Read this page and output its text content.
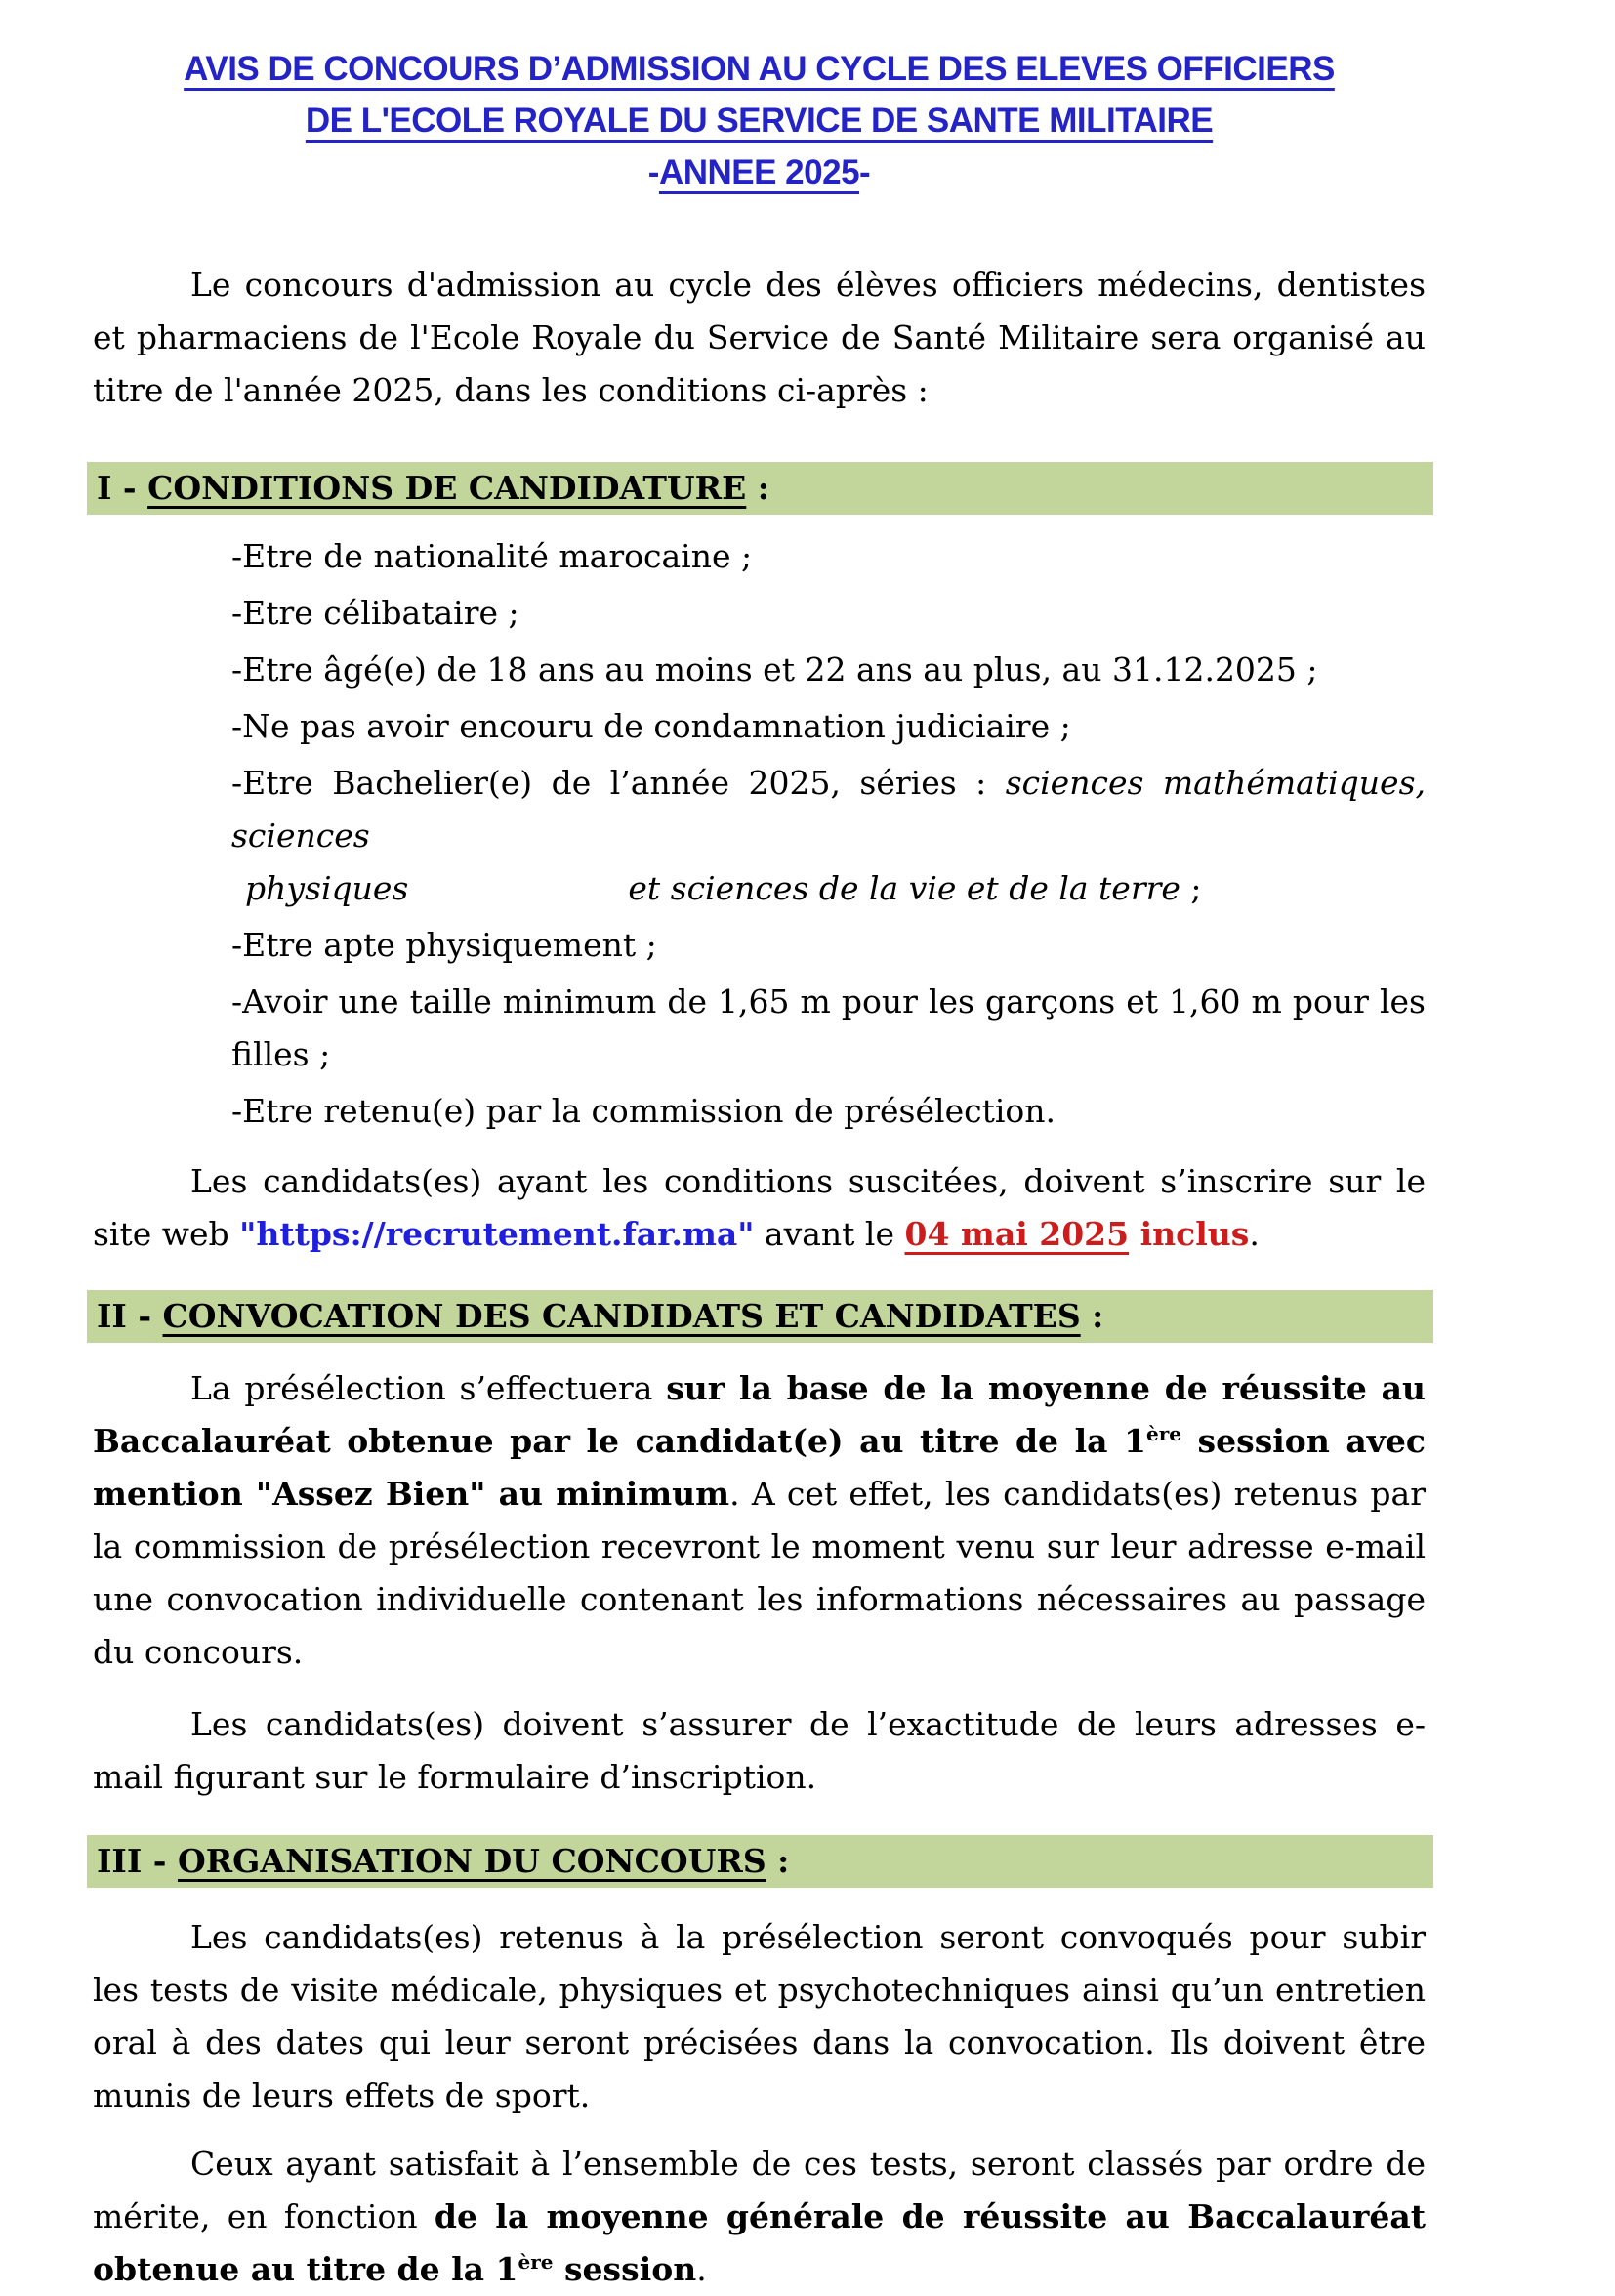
AVIS DE CONCOURS D’ADMISSION AU CYCLE DES ELEVES OFFICIERS
DE L'ECOLE ROYALE DU SERVICE DE SANTE MILITAIRE
-ANNEE 2025-

Le concours d'admission au cycle des élèves officiers médecins, dentistes et pharmaciens de l'Ecole Royale du Service de Santé Militaire sera organisé au titre de l'année 2025, dans les conditions ci-après :

I - CONDITIONS DE CANDIDATURE :
-Etre de nationalité marocaine ;
-Etre célibataire ;
-Etre âgé(e) de 18 ans au moins et 22 ans au plus, au 31.12.2025 ;
-Ne pas avoir encouru de condamnation judiciaire ;
-Etre Bachelier(e) de l’année 2025, séries : sciences mathématiques, sciences
physiques	et sciences de la vie et de la terre ;
-Etre apte physiquement ;
-Avoir une taille minimum de 1,65 m pour les garçons et 1,60 m pour les filles ;
-Etre retenu(e) par la commission de présélection.

Les candidats(es) ayant les conditions suscitées, doivent s’inscrire sur le site web "https://recrutement.far.ma" avant le 04 mai 2025 inclus.

II - CONVOCATION DES CANDIDATS ET CANDIDATES :

La présélection s’effectuera sur la base de la moyenne de réussite au Baccalauréat obtenue par le candidat(e) au titre de la 1ère session avec mention "Assez Bien" au minimum. A cet effet, les candidats(es) retenus par la commission de présélection recevront le moment venu sur leur adresse e-mail une convocation individuelle contenant les informations nécessaires au passage du concours.

Les candidats(es) doivent s’assurer de l’exactitude de leurs adresses e-mail figurant sur le formulaire d’inscription.

III - ORGANISATION DU CONCOURS :

Les candidats(es) retenus à la présélection seront convoqués pour subir les tests de visite médicale, physiques et psychotechniques ainsi qu’un entretien oral à des dates qui leur seront précisées dans la convocation. Ils doivent être munis de leurs effets de sport.

Ceux ayant satisfait à l’ensemble de ces tests, seront classés par ordre de mérite, en fonction de la moyenne générale de réussite au Baccalauréat obtenue au titre de la 1ère session.
